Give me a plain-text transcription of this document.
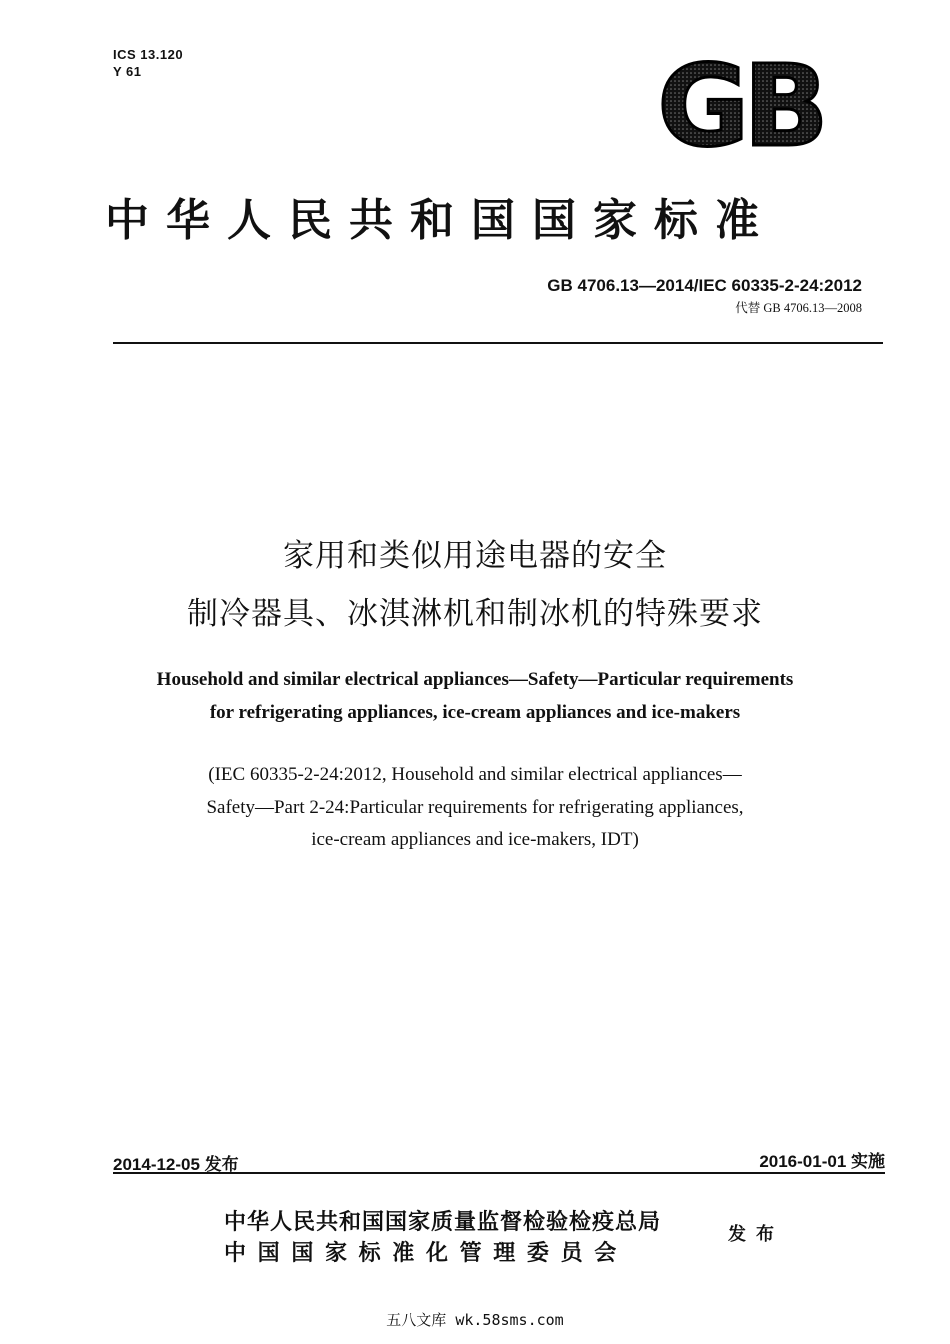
ICS 13.120
Y 61	GB
中华人民共和国国家标准
GB 4706.13—2014/IEC 60335-2-24:2012
代替 GB 4706.13—2008
家用和类似用途电器的安全
制冷器具、冰淇淋机和制冰机的特殊要求
Household and similar electrical appliances—Safety—Particular requirements
for refrigerating appliances, ice-cream appliances and ice-makers
(IEC 60335-2-24:2012, Household and similar electrical appliances—
Safety—Part 2-24:Particular requirements for refrigerating appliances,
ice-cream appliances and ice-makers, IDT)
2014-12-05 发布	2016-01-01 实施
中华人民共和国国家质量监督检验检疫总局
中 国 国 家 标 准 化 管 理 委 员 会
发布
五八文库 wk.58sms.com
